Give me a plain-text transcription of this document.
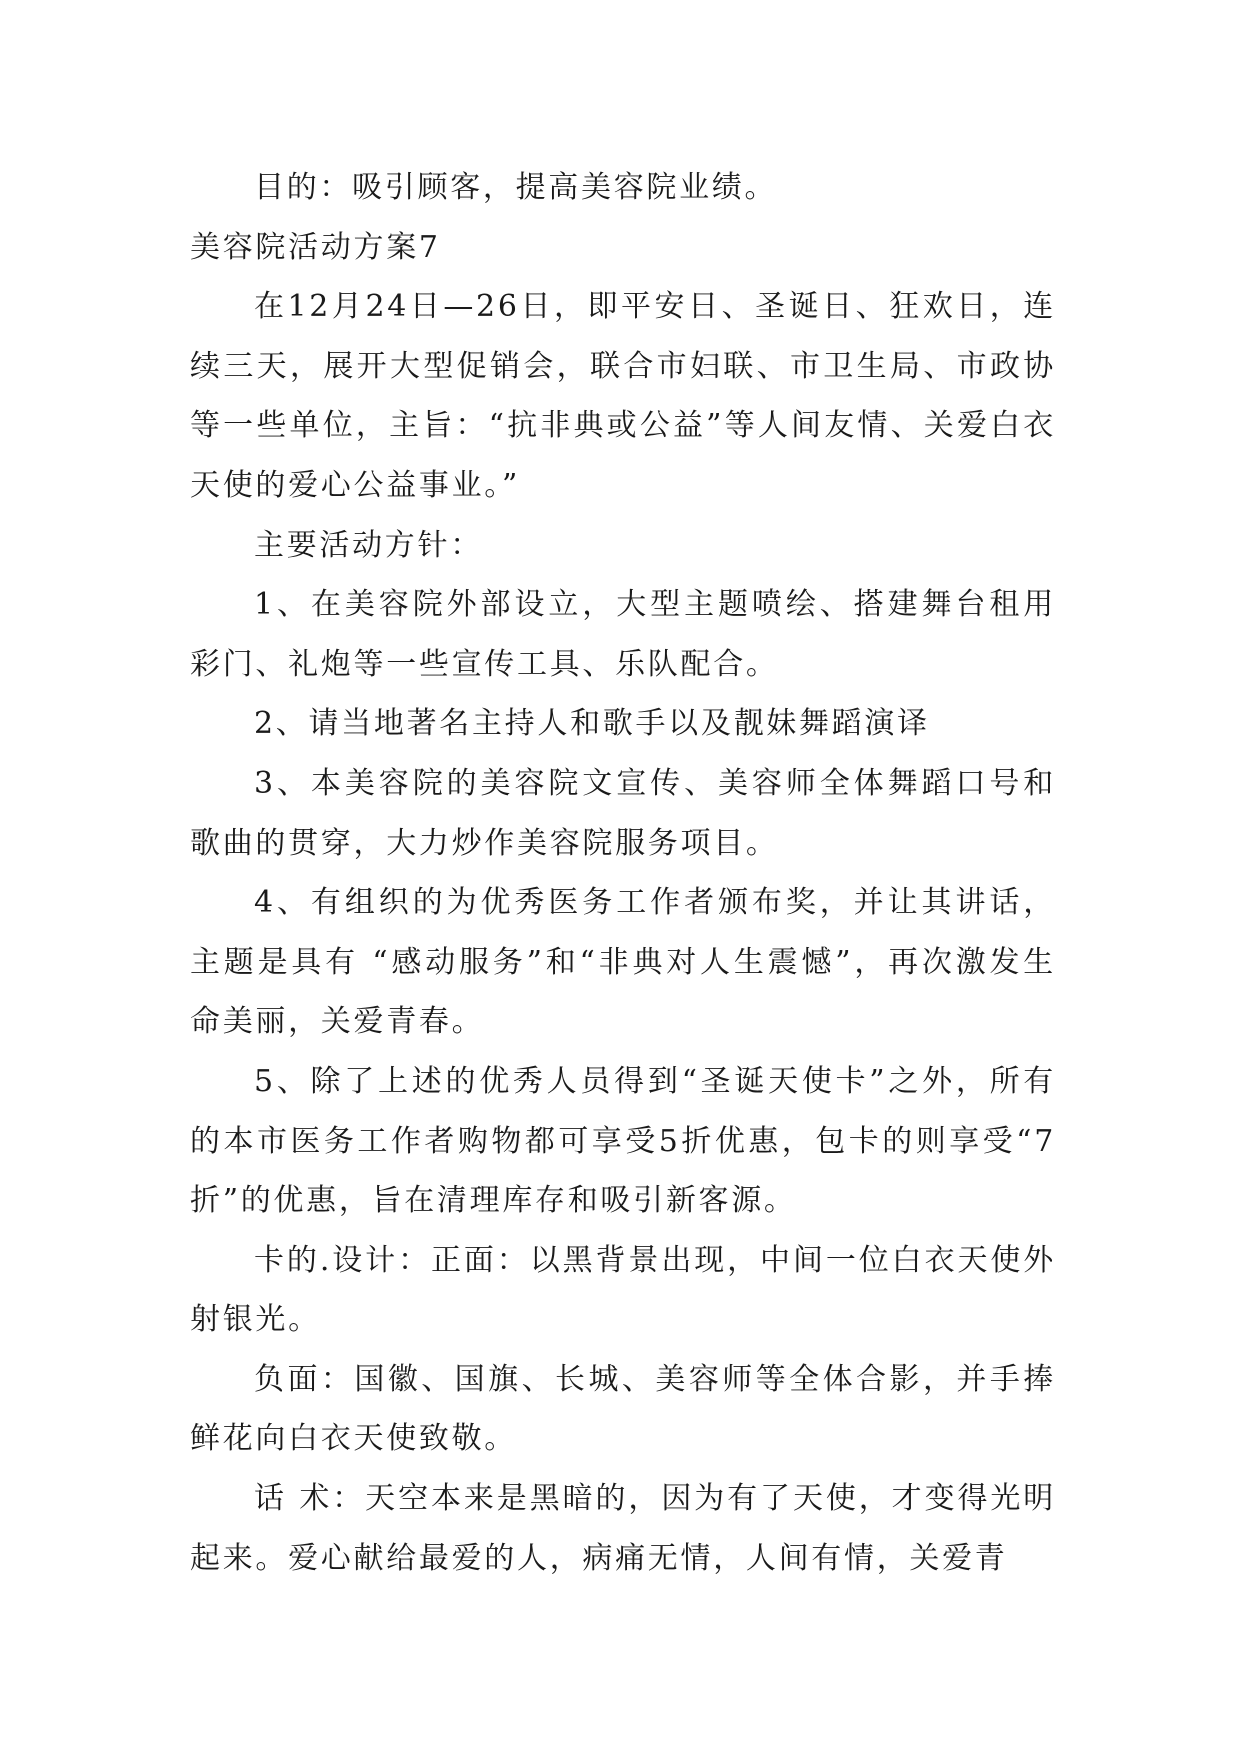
目的：吸引顾客，提高美容院业绩。

美容院活动方案7

在12月24日—26日，即平安日、圣诞日、狂欢日，连续三天，展开大型促销会，联合市妇联、市卫生局、市政协等一些单位，主旨：“抗非典或公益”等人间友情、关爱白衣天使的爱心公益事业。”

主要活动方针：

1、在美容院外部设立，大型主题喷绘、搭建舞台租用彩门、礼炮等一些宣传工具、乐队配合。

2、请当地著名主持人和歌手以及靓妹舞蹈演译

3、本美容院的美容院文宣传、美容师全体舞蹈口号和歌曲的贯穿，大力炒作美容院服务项目。

4、有组织的为优秀医务工作者颁布奖，并让其讲话，主题是具有 “感动服务”和“非典对人生震憾”，再次激发生命美丽，关爱青春。

5、除了上述的优秀人员得到“圣诞天使卡”之外，所有的本市医务工作者购物都可享受5折优惠，包卡的则享受“7折”的优惠，旨在清理库存和吸引新客源。

卡的.设计：正面：以黑背景出现，中间一位白衣天使外射银光。

负面：国徽、国旗、长城、美容师等全体合影，并手捧鲜花向白衣天使致敬。

话 术：天空本来是黑暗的，因为有了天使，才变得光明起来。爱心献给最爱的人，病痛无情，人间有情，关爱青
